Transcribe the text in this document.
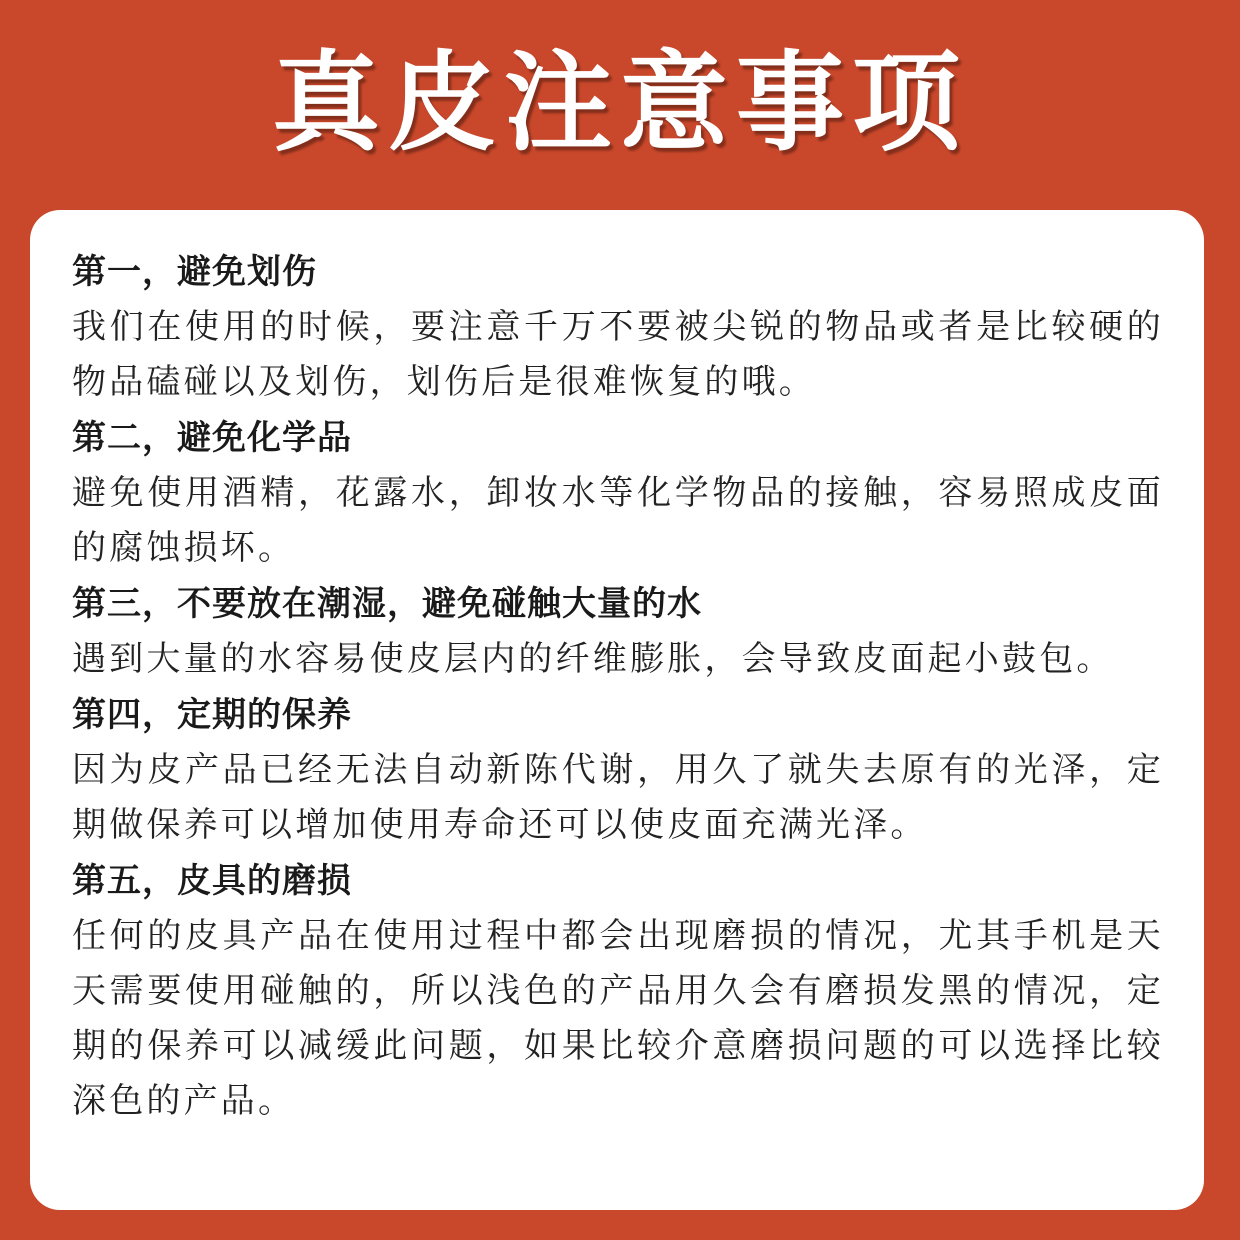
真皮注意事项
第一，避免划伤
我们在使用的时候，要注意千万不要被尖锐的物品或者是比较硬的物品磕碰以及划伤，划伤后是很难恢复的哦。
第二，避免化学品
避免使用酒精，花露水，卸妆水等化学物品的接触，容易照成皮面的腐蚀损坏。
第三，不要放在潮湿，避免碰触大量的水
遇到大量的水容易使皮层内的纤维膨胀，会导致皮面起小鼓包。
第四，定期的保养
因为皮产品已经无法自动新陈代谢，用久了就失去原有的光泽，定期做保养可以增加使用寿命还可以使皮面充满光泽。
第五，皮具的磨损
任何的皮具产品在使用过程中都会出现磨损的情况，尤其手机是天天需要使用碰触的，所以浅色的产品用久会有磨损发黑的情况，定期的保养可以减缓此问题，如果比较介意磨损问题的可以选择比较深色的产品。
